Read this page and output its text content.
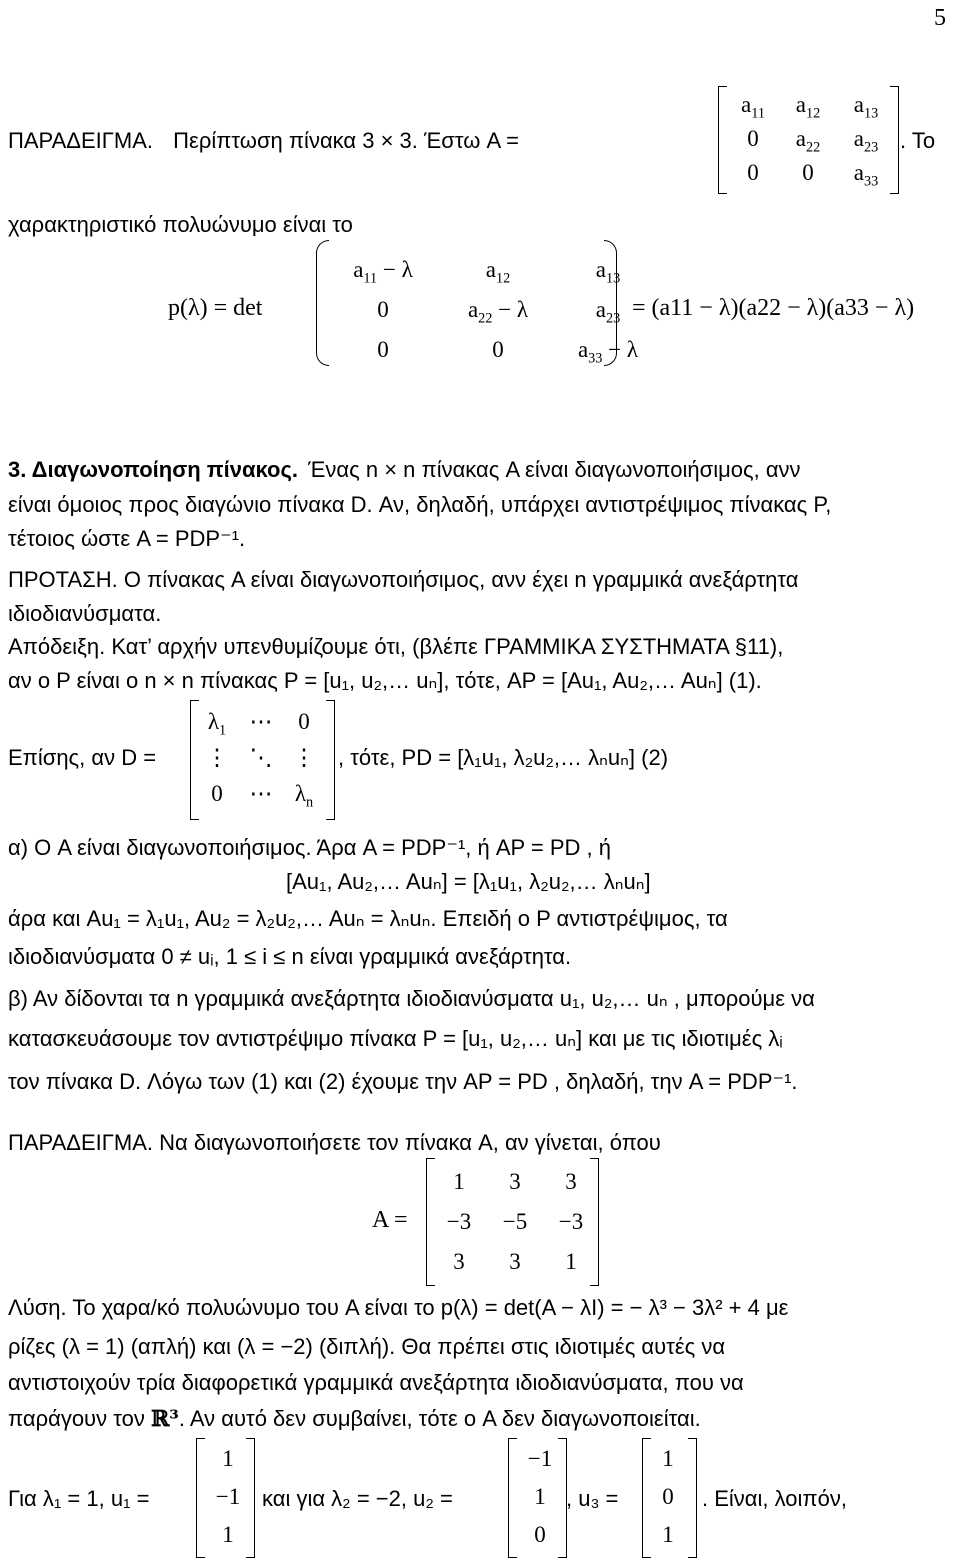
5
ΠΑΡΑΔΕΙΓΜΑ. Περίπτωση πίνακα 3 × 3. Έστω A =
$a_{11}$	$a_{12}$	$a_{13}$
0	$a_{22}$	$a_{23}$
0	0	$a_{33}$
. Το
χαρακτηριστικό πολυώνυμο είναι το
p(λ) = det
$a_{11} - \lambda$	$a_{12}$	$a_{13}$
0	$a_{22} - \lambda$	$a_{23}$
0	0	$a_{33} - \lambda$
= (a11 − λ)(a22 − λ)(a33 − λ)
3. Διαγωνοποίηση πίνακος. Ένας n × n πίνακας A είναι διαγωνοποιήσιμος, ανν
είναι όμοιος προς διαγώνιο πίνακα D. Αν, δηλαδή, υπάρχει αντιστρέψιμος πίνακας P,
τέτοιος ώστε A = PDP⁻¹.
ΠΡΟΤΑΣΗ. Ο πίνακας A είναι διαγωνοποιήσιμος, ανν έχει n γραμμικά ανεξάρτητα
ιδιοδιανύσματα.
Απόδειξη. Κατ’ αρχήν υπενθυμίζουμε ότι, (βλέπε ΓΡΑΜΜΙΚΑ ΣΥΣΤΗΜΑΤΑ §11),
αν ο P είναι ο n × n πίνακας P = [u₁, u₂,… uₙ], τότε, AP = [Au₁, Au₂,… Auₙ] (1).
Επίσης, αν D =
$\lambda_1$	⋯	0
⋮ ⋱ ⋮
0	⋯ $\lambda_n$
, τότε, PD = [λ₁u₁, λ₂u₂,… λₙuₙ] (2)
α) Ο A είναι διαγωνοποιήσιμος. Άρα A = PDP⁻¹, ή AP = PD , ή
[Au₁, Au₂,… Auₙ] = [λ₁u₁, λ₂u₂,… λₙuₙ]
άρα και Au₁ = λ₁u₁, Au₂ = λ₂u₂,… Auₙ = λₙuₙ. Επειδή ο P αντιστρέψιμος, τα
ιδιοδιανύσματα 0 ≠ uᵢ, 1 ≤ i ≤ n είναι γραμμικά ανεξάρτητα.
β) Αν δίδονται τα n γραμμικά ανεξάρτητα ιδιοδιανύσματα u₁, u₂,… uₙ , μπορούμε να
κατασκευάσουμε τον αντιστρέψιμο πίνακα P = [u₁, u₂,… uₙ] και με τις ιδιοτιμές λᵢ
τον πίνακα D. Λόγω των (1) και (2) έχουμε την AP = PD , δηλαδή, την A = PDP⁻¹.
ΠΑΡΑΔΕΙΓΜΑ. Να διαγωνοποιήσετε τον πίνακα A, αν γίνεται, όπου
A =
1	3	3
−3	−5	−3
3	3	1
Λύση. Το χαρα/κό πολυώνυμο του A είναι το p(λ) = det(A − λI) = − λ³ − 3λ² + 4 με
ρίζες (λ = 1) (απλή) και (λ = −2) (διπλή). Θα πρέπει στις ιδιοτιμές αυτές να
αντιστοιχούν τρία διαφορετικά γραμμικά ανεξάρτητα ιδιοδιανύσματα, που να
παράγουν τον ℝ³. Αν αυτό δεν συμβαίνει, τότε ο A δεν διαγωνοποιείται.
Για λ₁ = 1, u₁ =
1
−1
1
και για λ₂ = −2, u₂ =
−1
1
0
, u₃ =
1
0
1
. Είναι, λοιπόν,
